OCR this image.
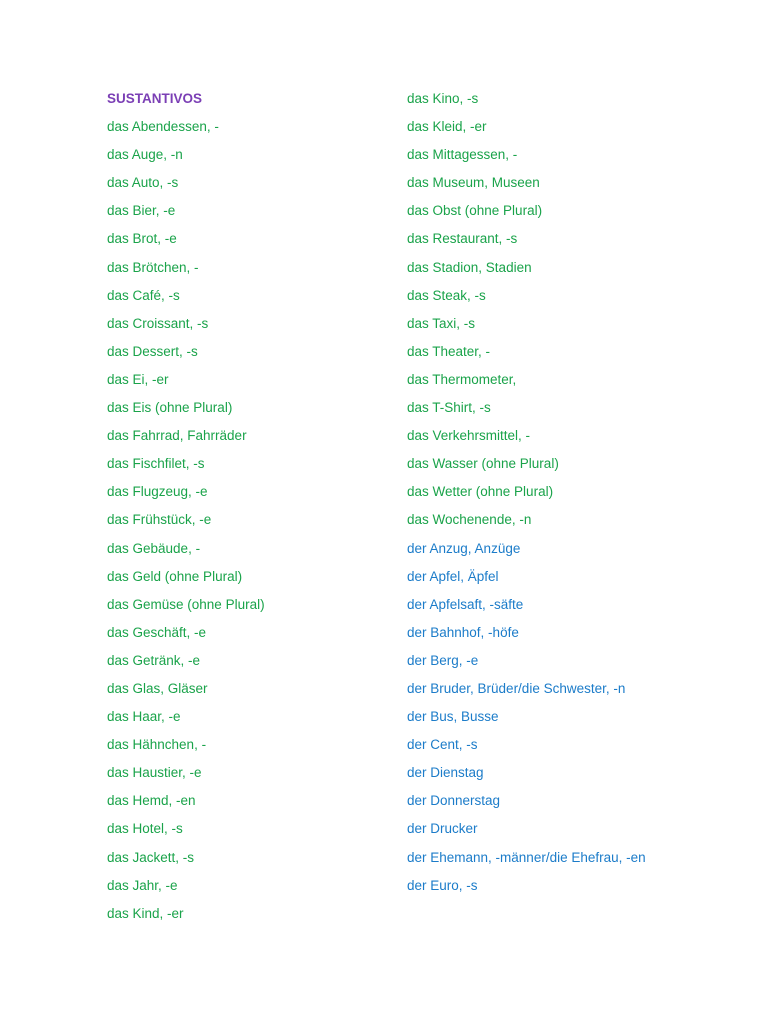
SUSTANTIVOS
das Abendessen, -
das Auge, -n
das Auto, -s
das Bier, -e
das Brot, -e
das Brötchen, -
das Café, -s
das Croissant, -s
das Dessert, -s
das Ei, -er
das Eis (ohne Plural)
das Fahrrad, Fahrräder
das Fischfilet, -s
das Flugzeug, -e
das Frühstück, -e
das Gebäude, -
das Geld (ohne Plural)
das Gemüse (ohne Plural)
das Geschäft, -e
das Getränk, -e
das Glas, Gläser
das Haar, -e
das Hähnchen, -
das Haustier, -e
das Hemd, -en
das Hotel, -s
das Jackett, -s
das Jahr, -e
das Kind, -er
das Kino, -s
das Kleid, -er
das Mittagessen, -
das Museum, Museen
das Obst (ohne Plural)
das Restaurant, -s
das Stadion, Stadien
das Steak, -s
das Taxi, -s
das Theater, -
das Thermometer,
das T-Shirt, -s
das Verkehrsmittel, -
das Wasser (ohne Plural)
das Wetter (ohne Plural)
das Wochenende, -n
der Anzug, Anzüge
der Apfel, Äpfel
der Apfelsaft, -säfte
der Bahnhof, -höfe
der Berg, -e
der Bruder, Brüder/die Schwester, -n
der Bus, Busse
der Cent, -s
der Dienstag
der Donnerstag
der Drucker
der Ehemann, -männer/die Ehefrau, -en
der Euro, -s
